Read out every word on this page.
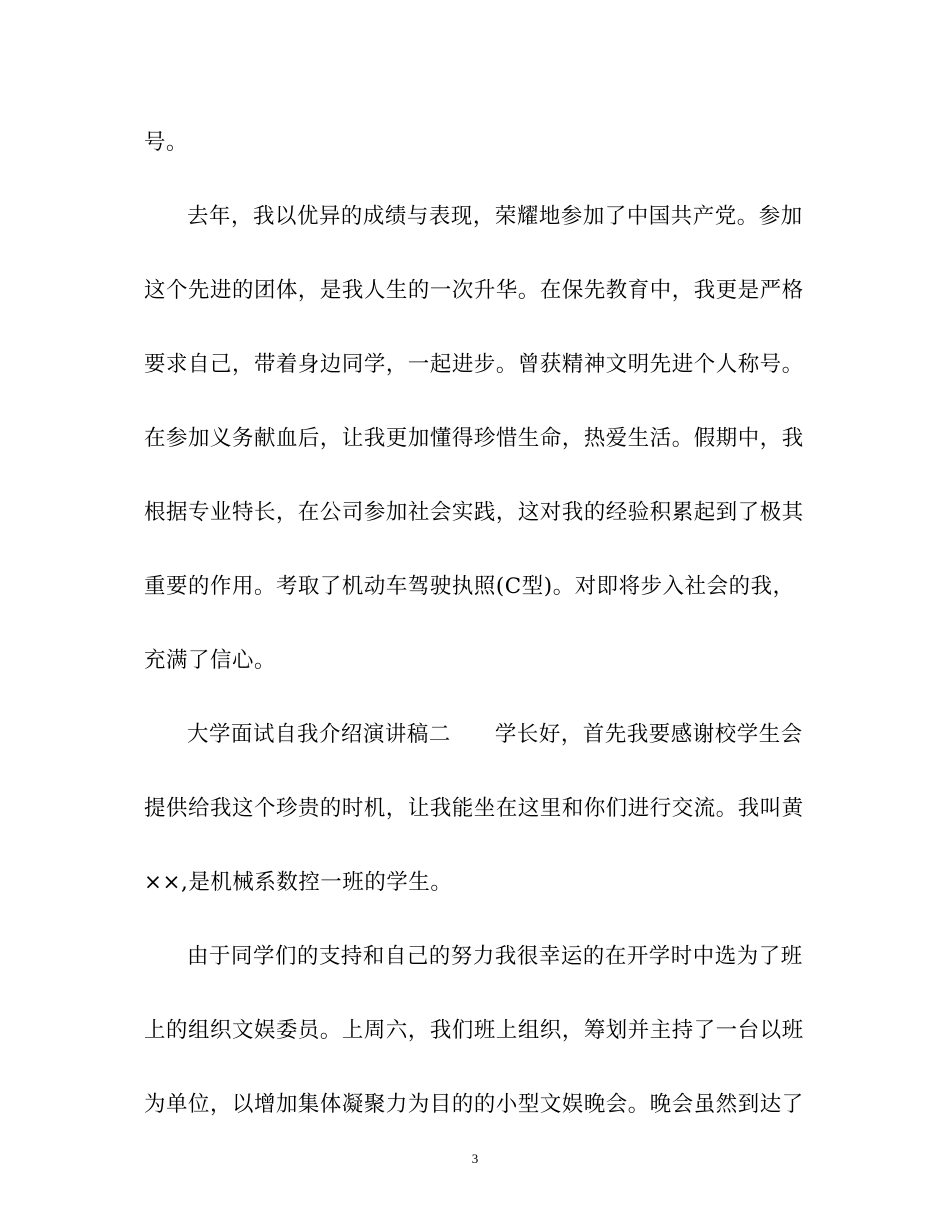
号。
去年，我以优异的成绩与表现，荣耀地参加了中国共产党。参加
这个先进的团体，是我人生的一次升华。在保先教育中，我更是严格
要求自己，带着身边同学，一起进步。曾获精神文明先进个人称号。
在参加义务献血后，让我更加懂得珍惜生命，热爱生活。假期中，我
根据专业特长，在公司参加社会实践，这对我的经验积累起到了极其
重要的作用。考取了机动车驾驶执照(C型)。对即将步入社会的我，
充满了信心。
大学面试自我介绍演讲稿二　　学长好，首先我要感谢校学生会
提供给我这个珍贵的时机，让我能坐在这里和你们进行交流。我叫黄
××,是机械系数控一班的学生。
由于同学们的支持和自己的努力我很幸运的在开学时中选为了班
上的组织文娱委员。上周六，我们班上组织，筹划并主持了一台以班
为单位，以增加集体凝聚力为目的的小型文娱晚会。晚会虽然到达了
3
